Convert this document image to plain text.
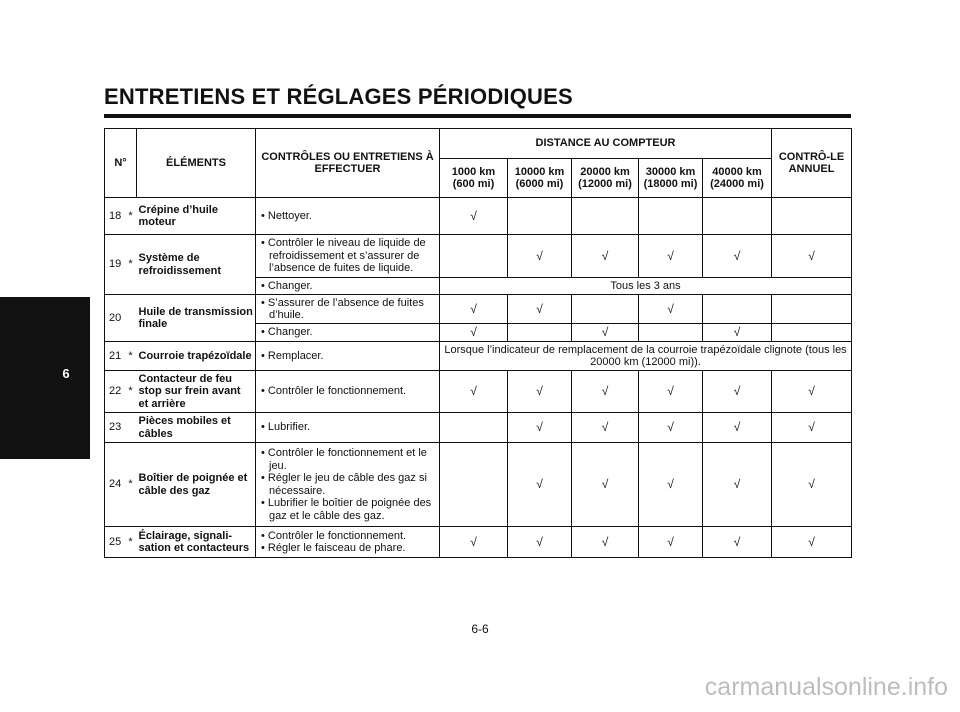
ENTRETIENS ET RÉGLAGES PÉRIODIQUES
6
N°		ÉLÉMENTS	CONTRÔLES OU ENTRETIENS À EFFECTUER	DISTANCE AU COMPTEUR					CONTRÔ-LE ANNUEL
				1000 km (600 mi)	10000 km (6000 mi)	20000 km (12000 mi)	30000 km (18000 mi)	40000 km (24000 mi)	
18	*	Crépine d’huile moteur	• Nettoyer.	√					
19	*	Système de refroidissement	• Contrôler le niveau de liquide de refroidissement et s’assurer de l’absence de fuites de liquide.		√	√	√	√	√

			• Changer.	Tous les 3 ans					
20		Huile de transmission finale	• S’assurer de l’absence de fuites d’huile.	√	√		√		

			• Changer.	√		√		√	
21	*	Courroie trapézoïdale	• Remplacer.	Lorsque l’indicateur de remplacement de la courroie trapézoïdale clignote (tous les 20000 km (12000 mi)).					
22	*	Contacteur de feu stop sur frein avant et arrière	• Contrôler le fonctionnement.	√	√	√	√	√	√
23		Pièces mobiles et câbles	• Lubrifier.		√	√	√	√	√
24	*	Boîtier de poignée et câble des gaz	• Contrôler le fonctionnement et le jeu.
• Régler le jeu de câble des gaz si nécessaire.
• Lubrifier le boîtier de poignée des gaz et le câble des gaz.		√	√	√	√	√
25	*	Éclairage, signali-sation et contacteurs	• Contrôler le fonctionnement.
• Régler le faisceau de phare.	√	√	√	√	√	√
6-6
carmanualsonline.info
